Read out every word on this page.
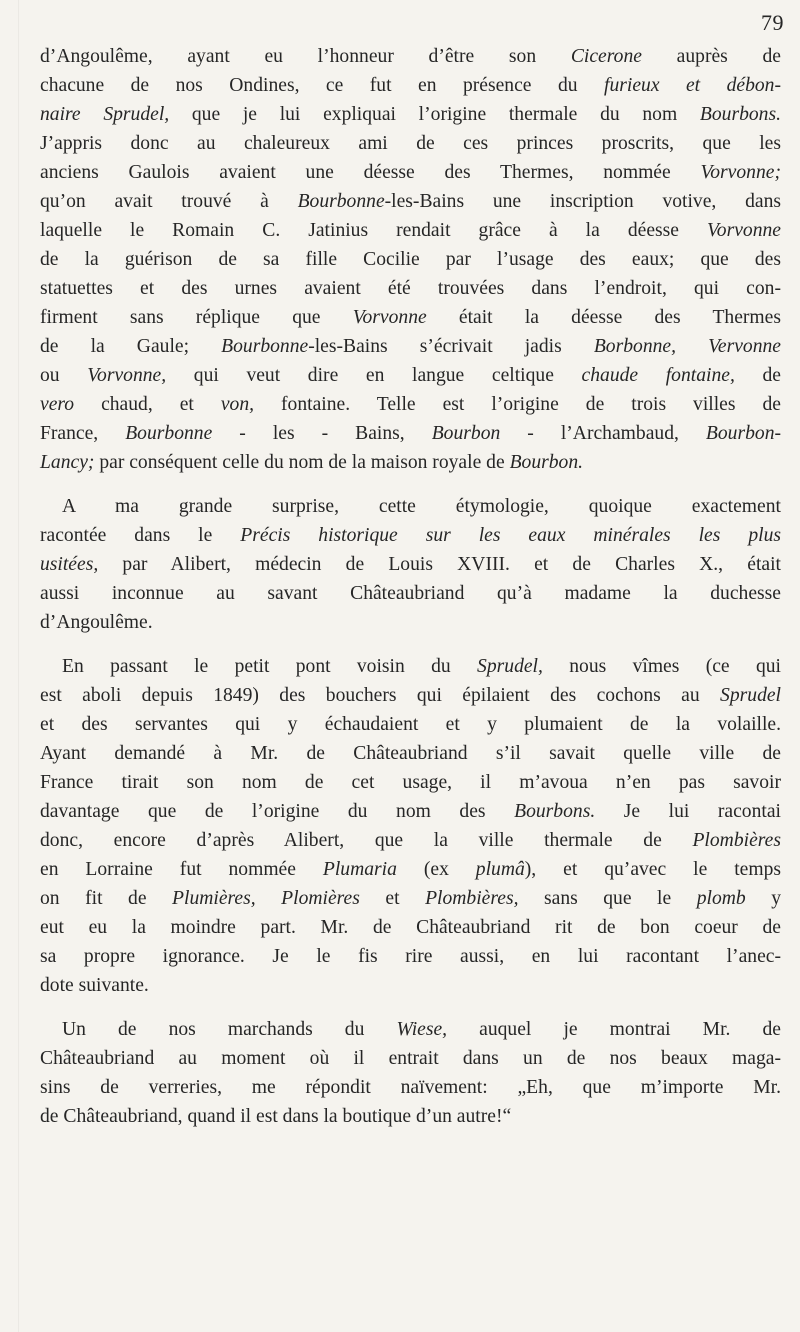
79

d’Angoulême, ayant eu l’honneur d’être son Cicerone auprès de
chacune de nos Ondines, ce fut en présence du furieux et débon-
naire Sprudel, que je lui expliquai l’origine thermale du nom Bourbons.
J’appris donc au chaleureux ami de ces princes proscrits, que les
anciens Gaulois avaient une déesse des Thermes, nommée Vorvonne;
qu’on avait trouvé à Bourbonne-les-Bains une inscription votive, dans
laquelle le Romain C. Jatinius rendait grâce à la déesse Vorvonne
de la guérison de sa fille Cocilie par l’usage des eaux; que des
statuettes et des urnes avaient été trouvées dans l’endroit, qui con-
firment sans réplique que Vorvonne était la déesse des Thermes
de la Gaule; Bourbonne-les-Bains s’écrivait jadis Borbonne, Vervonne
ou Vorvonne, qui veut dire en langue celtique chaude fontaine, de
vero chaud, et von, fontaine. Telle est l’origine de trois villes de
France, Bourbonne - les - Bains, Bourbon - l’Archambaud, Bourbon-
Lancy; par conséquent celle du nom de la maison royale de Bourbon.

A ma grande surprise, cette étymologie, quoique exactement
racontée dans le Précis historique sur les eaux minérales les plus
usitées, par Alibert, médecin de Louis XVIII. et de Charles X., était
aussi inconnue au savant Châteaubriand qu’à madame la duchesse
d’Angoulême.

En passant le petit pont voisin du Sprudel, nous vîmes (ce qui
est aboli depuis 1849) des bouchers qui épilaient des cochons au Sprudel
et des servantes qui y échaudaient et y plumaient de la volaille.
Ayant demandé à Mr. de Châteaubriand s’il savait quelle ville de
France tirait son nom de cet usage, il m’avoua n’en pas savoir
davantage que de l’origine du nom des Bourbons. Je lui racontai
donc, encore d’après Alibert, que la ville thermale de Plombières
en Lorraine fut nommée Plumaria (ex plumâ), et qu’avec le temps
on fit de Plumières, Plomières et Plombières, sans que le plomb y
eut eu la moindre part. Mr. de Châteaubriand rit de bon coeur de
sa propre ignorance. Je le fis rire aussi, en lui racontant l’anec-
dote suivante.

Un de nos marchands du Wiese, auquel je montrai Mr. de
Châteaubriand au moment où il entrait dans un de nos beaux maga-
sins de verreries, me répondit naïvement: „Eh, que m’importe Mr.
de Châteaubriand, quand il est dans la boutique d’un autre!“
